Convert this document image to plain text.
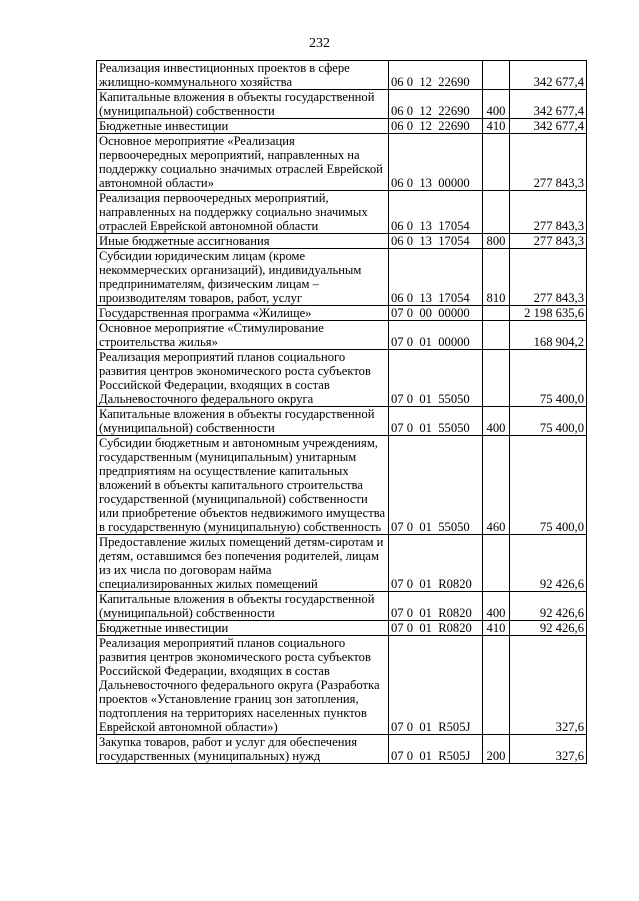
232
Реализация инвестиционных проектов в сфере жилищно-коммунального хозяйства	06 0  12  22690		342 677,4
Капитальные вложения в объекты государственной (муниципальной) собственности	06 0  12  22690	400	342 677,4
Бюджетные инвестиции	06 0  12  22690	410	342 677,4
Основное мероприятие «Реализация первоочередных мероприятий, направленных на поддержку социально значимых отраслей Еврейской автономной области»	06 0  13  00000		277 843,3
Реализация первоочередных мероприятий, направленных на поддержку социально значимых отраслей Еврейской автономной области	06 0  13  17054		277 843,3
Иные бюджетные ассигнования	06 0  13  17054	800	277 843,3
Субсидии юридическим лицам (кроме некоммерческих организаций), индивидуальным предпринимателям, физическим лицам – производителям товаров, работ, услуг	06 0  13  17054	810	277 843,3
Государственная программа «Жилище»	07 0  00  00000		2 198 635,6
Основное мероприятие «Стимулирование строительства жилья»	07 0  01  00000		168 904,2
Реализация мероприятий планов социального развития центров экономического роста субъектов Российской Федерации, входящих в состав Дальневосточного федерального округа	07 0  01  55050		75 400,0
Капитальные вложения в объекты государственной (муниципальной) собственности	07 0  01  55050	400	75 400,0
Субсидии бюджетным и автономным учреждениям, государственным (муниципальным) унитарным предприятиям на осуществление капитальных вложений в объекты капитального строительства государственной (муниципальной) собственности или приобретение объектов недвижимого имущества в государственную (муниципальную) собственность	07 0  01  55050	460	75 400,0
Предоставление жилых помещений детям-сиротам и детям, оставшимся без попечения родителей, лицам из их числа по договорам найма специализированных жилых помещений	07 0  01  R0820		92 426,6
Капитальные вложения в объекты государственной (муниципальной) собственности	07 0  01  R0820	400	92 426,6
Бюджетные инвестиции	07 0  01  R0820	410	92 426,6
Реализация мероприятий планов социального развития центров экономического роста субъектов Российской Федерации, входящих в состав Дальневосточного федерального округа (Разработка проектов «Установление границ зон затопления, подтопления на территориях населенных пунктов Еврейской автономной области»)	07 0  01  R505J		327,6
Закупка товаров, работ и услуг для обеспечения государственных (муниципальных) нужд	07 0  01  R505J	200	327,6
